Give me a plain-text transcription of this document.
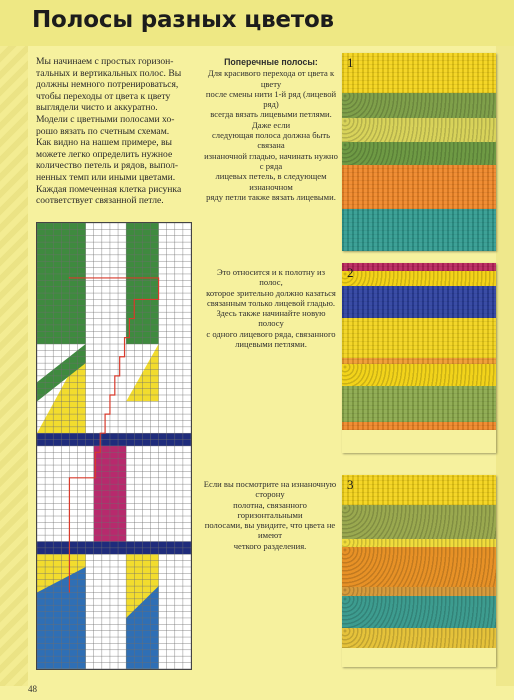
Полосы разных цветов

Мы начинаем с простых горизон-

тальных и вертикальных полос. Вы

должны немного потренироваться,

чтобы переходы от цвета к цвету

выглядели чисто и аккуратно.

Модели с цветными полосами хо-

рошо вязать по счетным схемам.

Как видно на нашем примере, вы

можете легко определить нужное

количество петель и рядов, выпол-

ненных темп или иными цветами.

Каждая помеченная клетка рисунка

соответствует связанной петле.

Поперечные полосы:
Для красивого перехода от цвета к цвету
после смены нити 1-й ряд (лицевой ряд)
всегда вязать лицевыми петлями. Даже если
следующая полоса должна быть связана
изнаночной гладью, начинать нужно с ряда
лицевых петель, в следующем изнаночном
ряду петли также вязать лицевыми.
Это относится и к полотну из полос,
которое зрительно должно казаться
связанным только лицевой гладью.
Здесь также начинайте новую полосу
с одного лицевого ряда, связанного
лицевыми петлями.
Если вы посмотрите на изнаночную сторону
полотна, связанного горизонтальными
полосами, вы увидите, что цвета не имеют
четкого разделения.
1
2
3
48
